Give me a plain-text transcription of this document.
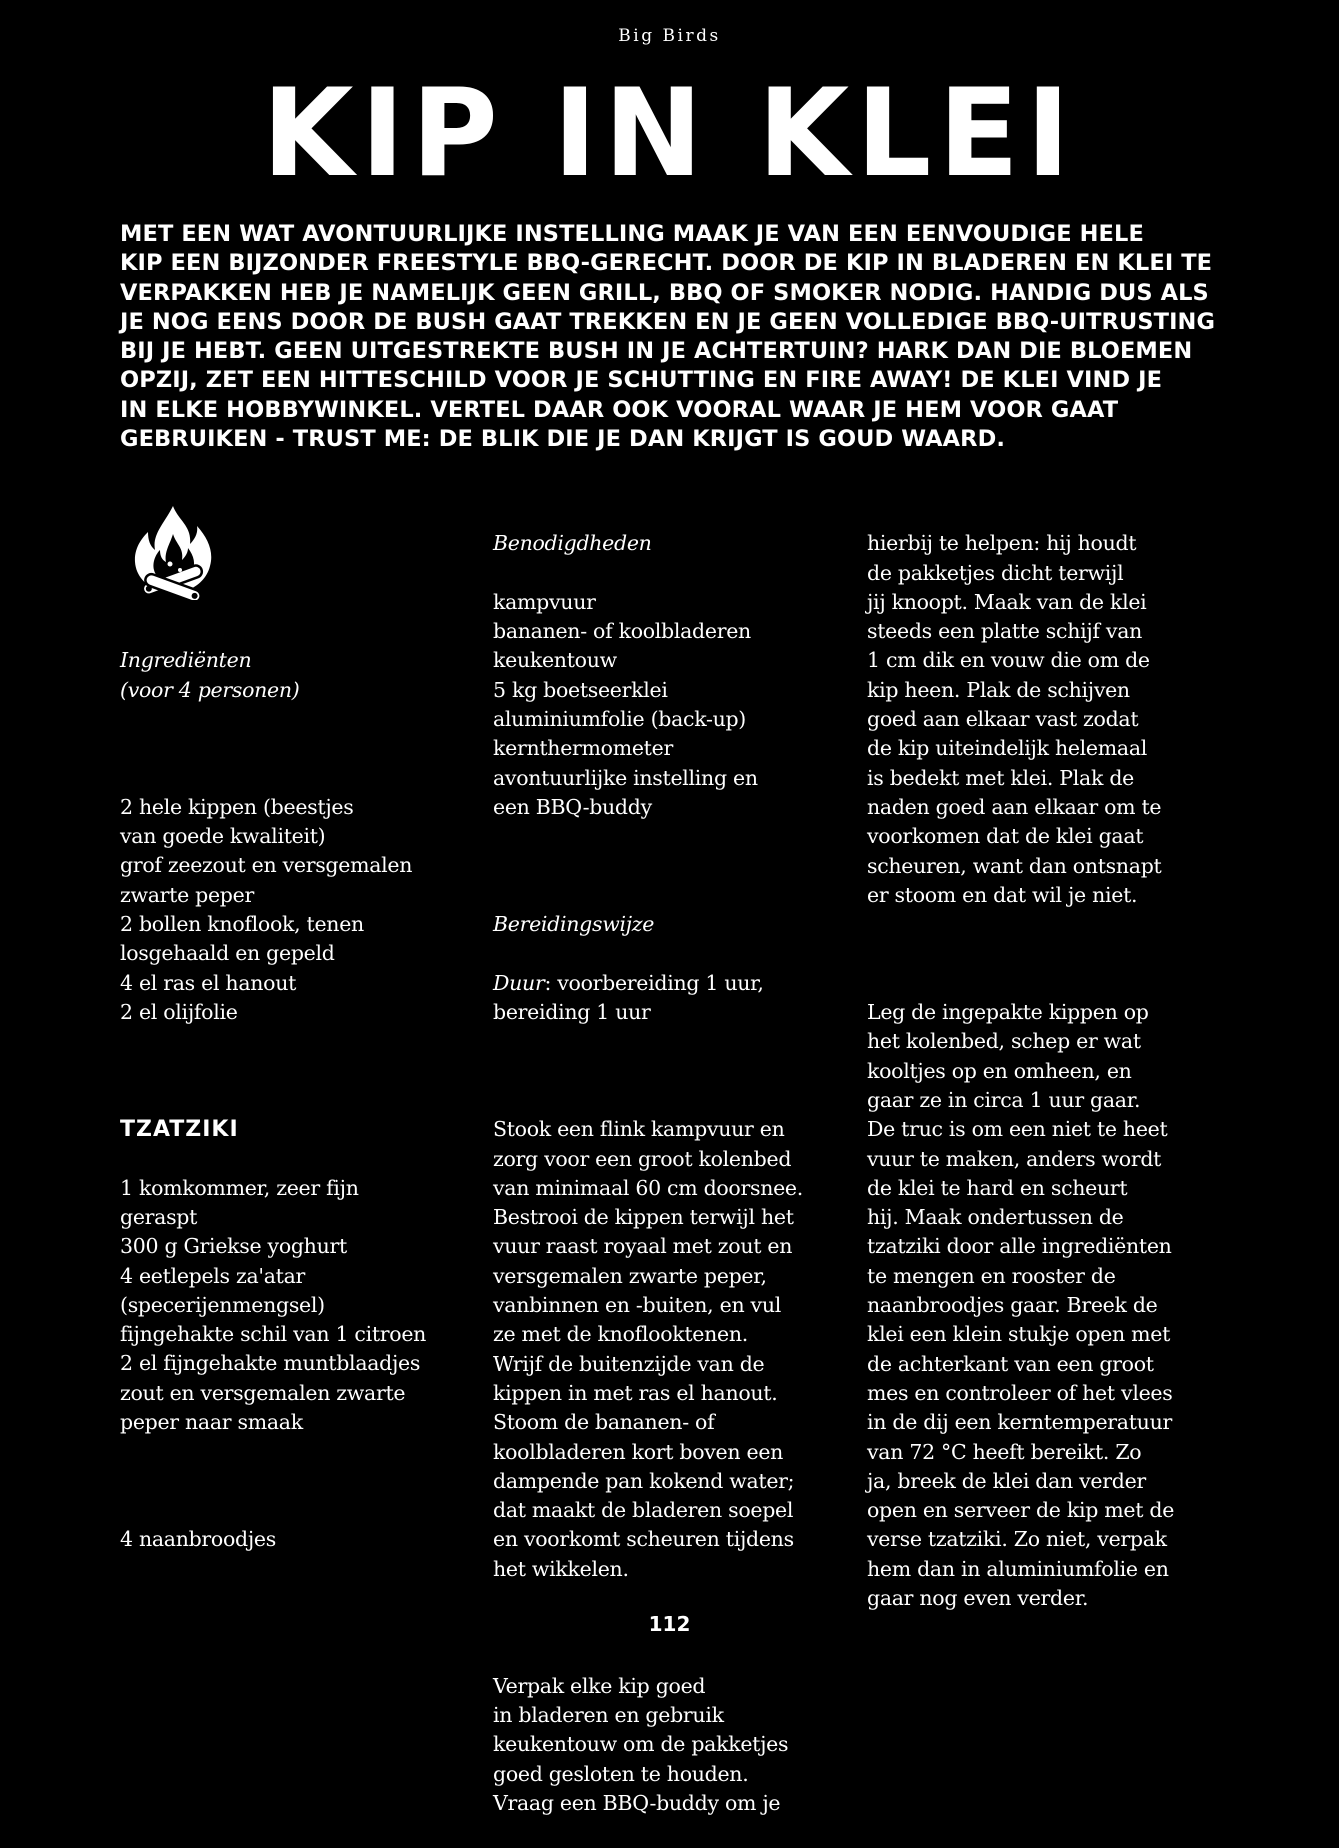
Big Birds
KIP IN KLEI

MET EEN WAT AVONTUURLIJKE INSTELLING MAAK JE VAN EEN EENVOUDIGE HELE
KIP EEN BIJZONDER FREESTYLE BBQ-GERECHT. DOOR DE KIP IN BLADEREN EN KLEI TE
VERPAKKEN HEB JE NAMELIJK GEEN GRILL, BBQ OF SMOKER NODIG. HANDIG DUS ALS
JE NOG EENS DOOR DE BUSH GAAT TREKKEN EN JE GEEN VOLLEDIGE BBQ-UITRUSTING
BIJ JE HEBT. GEEN UITGESTREKTE BUSH IN JE ACHTERTUIN? HARK DAN DIE BLOEMEN
OPZIJ, ZET EEN HITTESCHILD VOOR JE SCHUTTING EN FIRE AWAY! DE KLEI VIND JE
IN ELKE HOBBYWINKEL. VERTEL DAAR OOK VOORAL WAAR JE HEM VOOR GAAT
GEBRUIKEN - TRUST ME: DE BLIK DIE JE DAN KRIJGT IS GOUD WAARD.

Ingrediënten
(voor 4 personen)

2 hele kippen (beestjes
van goede kwaliteit)
grof zeezout en versgemalen
zwarte peper
2 bollen knoflook, tenen
losgehaald en gepeld
4 el ras el hanout
2 el olijfolie

TZATZIKI

1 komkommer, zeer fijn
geraspt
300 g Griekse yoghurt
4 eetlepels za'atar
(specerijenmengsel)
fijngehakte schil van 1 citroen
2 el fijngehakte muntblaadjes
zout en versgemalen zwarte
peper naar smaak

4 naanbroodjes

Benodigdheden

kampvuur
bananen- of koolbladeren
keukentouw
5 kg boetseerklei
aluminiumfolie (back-up)
kernthermometer
avontuurlijke instelling en
een BBQ-buddy

Bereidingswijze

Duur: voorbereiding 1 uur,
bereiding 1 uur

Stook een flink kampvuur en
zorg voor een groot kolenbed
van minimaal 60 cm doorsnee.
Bestrooi de kippen terwijl het
vuur raast royaal met zout en
versgemalen zwarte peper,
vanbinnen en -buiten, en vul
ze met de knoflooktenen.
Wrijf de buitenzijde van de
kippen in met ras el hanout.
Stoom de bananen- of
koolbladeren kort boven een
dampende pan kokend water;
dat maakt de bladeren soepel
en voorkomt scheuren tijdens
het wikkelen.

Verpak elke kip goed
in bladeren en gebruik
keukentouw om de pakketjes
goed gesloten te houden.
Vraag een BBQ-buddy om je

hierbij te helpen: hij houdt
de pakketjes dicht terwijl
jij knoopt. Maak van de klei
steeds een platte schijf van
1 cm dik en vouw die om de
kip heen. Plak de schijven
goed aan elkaar vast zodat
de kip uiteindelijk helemaal
is bedekt met klei. Plak de
naden goed aan elkaar om te
voorkomen dat de klei gaat
scheuren, want dan ontsnapt
er stoom en dat wil je niet.

Leg de ingepakte kippen op
het kolenbed, schep er wat
kooltjes op en omheen, en
gaar ze in circa 1 uur gaar.
De truc is om een niet te heet
vuur te maken, anders wordt
de klei te hard en scheurt
hij. Maak ondertussen de
tzatziki door alle ingrediënten
te mengen en rooster de
naanbroodjes gaar. Breek de
klei een klein stukje open met
de achterkant van een groot
mes en controleer of het vlees
in de dij een kerntemperatuur
van 72 °C heeft bereikt. Zo
ja, breek de klei dan verder
open en serveer de kip met de
verse tzatziki. Zo niet, verpak
hem dan in aluminiumfolie en
gaar nog even verder.

112
